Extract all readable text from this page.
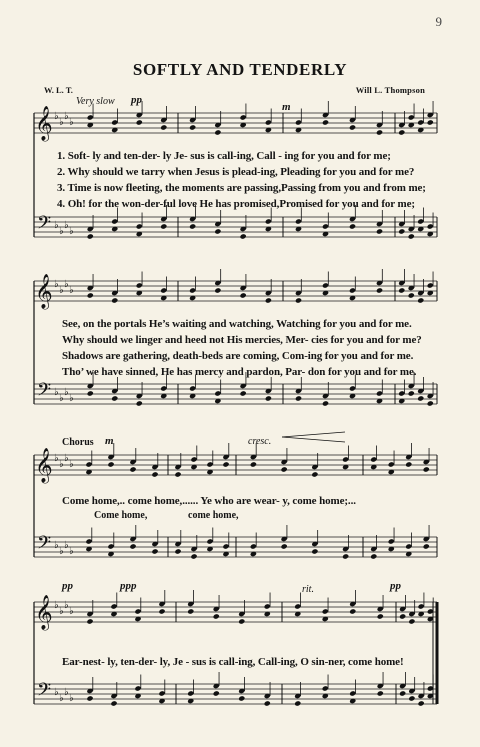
9
SOFTLY AND TENDERLY
W. L. T.	Will L. Thompson
Very slow pp
m
1. Soft- ly and ten-der- ly Je- sus is call-ing, Call - ing for you and for me;
2. Why should we tarry when Jesus is plead-ing, Pleading for you and for me?
3. Time is now fleeting, the moments are passing,Passing from you and from me;
4. Oh! for the won-der-ful love He has promised,Promised for you and for me;
See, on the portals He’s waiting and watching, Watching for you and for me.
Why should we linger and heed not His mercies, Mer- cies for you and for me?
Shadows are gathering, death-beds are coming, Com-ing for you and for me.
Tho’ we have sinned, He has mercy and pardon, Par- don for you and for me.
Chorus m	cresc.
Come home,.. come home,...... Ye who are wear- y, come home;...
Come home,	come home,
pp	ppp	rit.	pp
Ear-nest- ly, ten-der- ly, Je - sus is call-ing, Call-ing, O sin-ner, come home!
𝄞
𝄢
♭
♭
♭
♭
♭
♭
♭
♭
𝄞
𝄢
♭
♭
♭
♭
♭
♭
♭
♭
𝄞
𝄢
♭
♭
♭
♭
♭
♭
♭
♭
𝄞
𝄢
♭
♭
♭
♭
♭
♭
♭
♭
